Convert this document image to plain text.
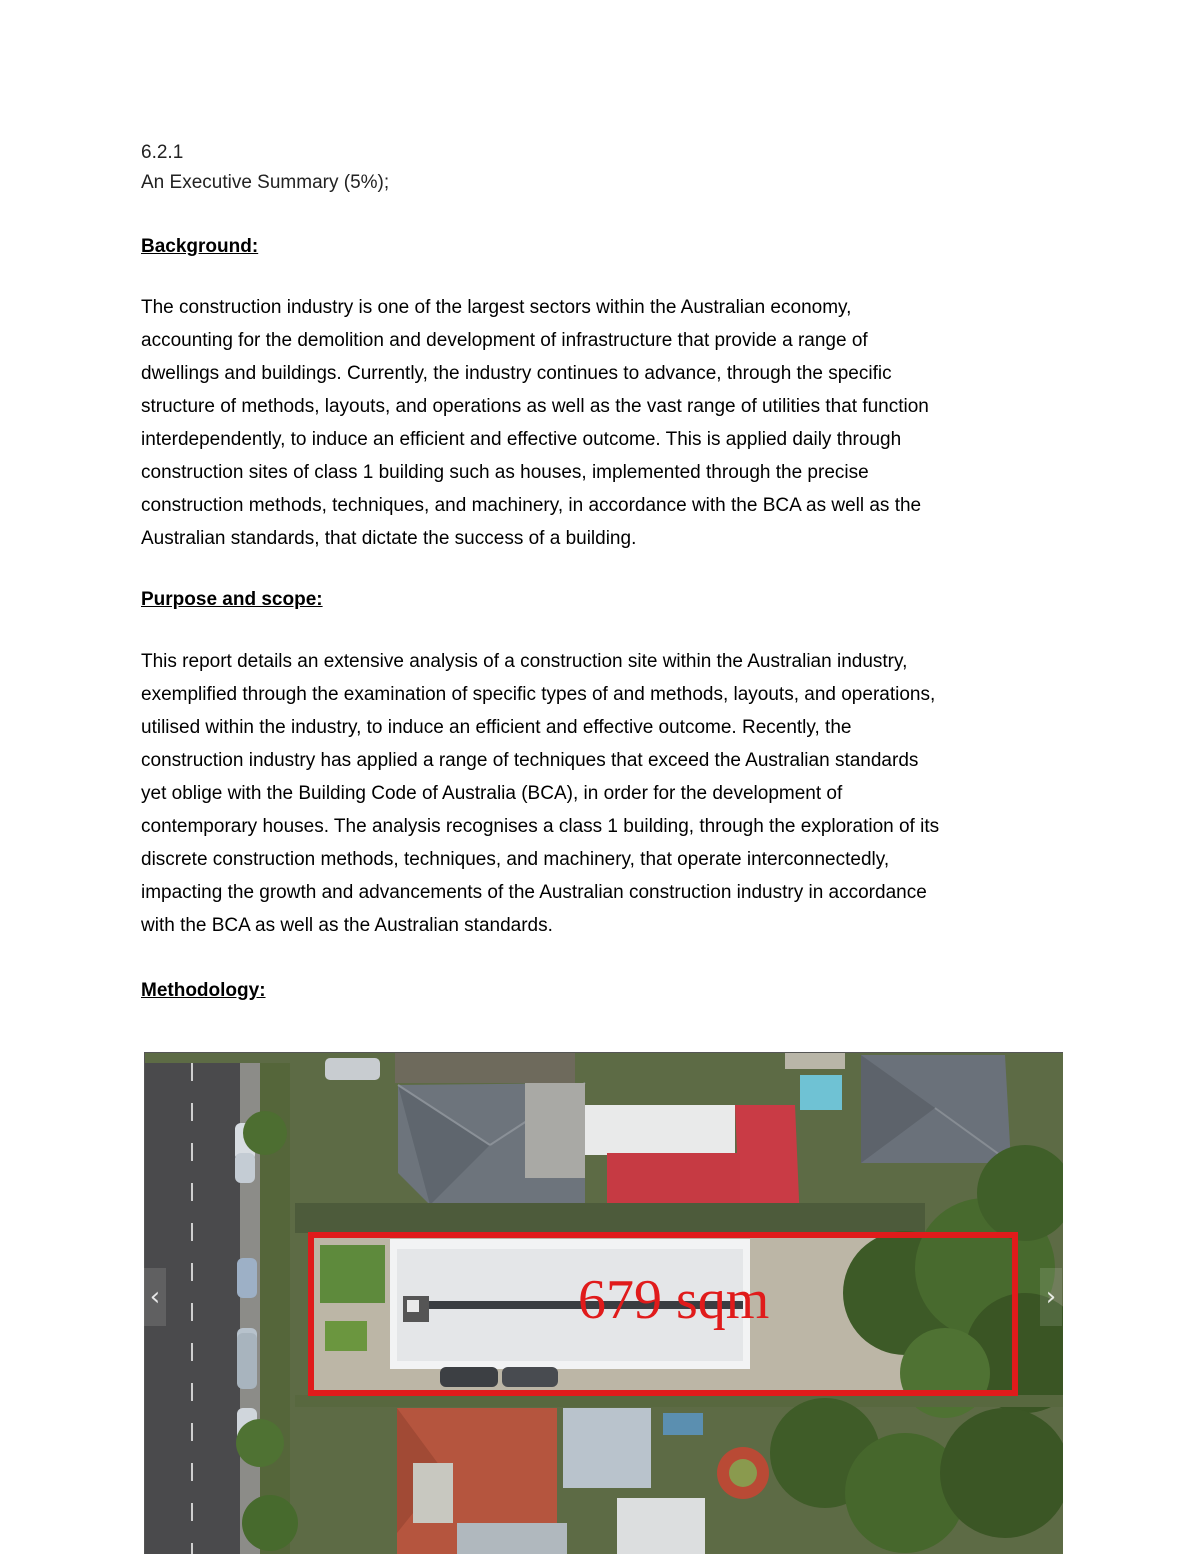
6.2.1
An Executive Summary (5%);
Background:

The construction industry is one of the largest sectors within the Australian economy,
accounting for the demolition and development of infrastructure that provide a range of
dwellings and buildings. Currently, the industry continues to advance, through the specific
structure of methods, layouts, and operations as well as the vast range of utilities that function
interdependently, to induce an efficient and effective outcome. This is applied daily through
construction sites of class 1 building such as houses, implemented through the precise
construction methods, techniques, and machinery, in accordance with the BCA as well as the
Australian standards, that dictate the success of a building.

Purpose and scope:

This report details an extensive analysis of a construction site within the Australian industry,
exemplified through the examination of specific types of and methods, layouts, and operations,
utilised within the industry, to induce an efficient and effective outcome. Recently, the
construction industry has applied a range of techniques that exceed the Australian standards
yet oblige with the Building Code of Australia (BCA), in order for the development of
contemporary houses. The analysis recognises a class 1 building, through the exploration of its
discrete construction methods, techniques, and machinery, that operate interconnectedly,
impacting the growth and advancements of the Australian construction industry in accordance
with the BCA as well as the Australian standards.

Methodology:
679 sqm
‹	›
